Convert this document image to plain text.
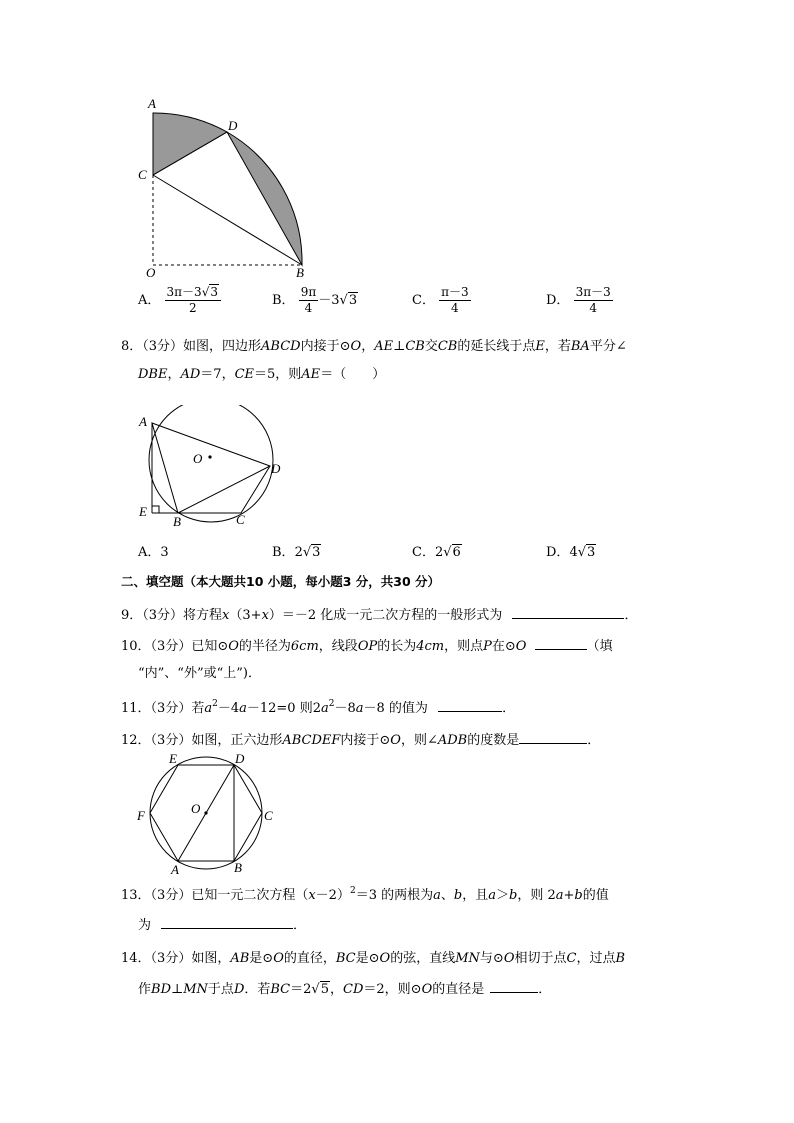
A
D
C
O	B
A． $\frac{3\pi-3√3}{2}$	B． $\frac{9\pi}{4} -3√3$	C． $\frac{\pi-3}{4}$	D． $\frac{3\pi-3}{4}$
8．（3分）如图，四边形ABCD内接于⊙O，AE⊥CB交CB的延长线于点E，若BA平分∠
DBE，AD＝7，CE＝5，则AE＝（　　）
A
O
D
E
B	C
A．3	B．2√3	C．2√6	D．4√3
二、填空题（本大题共10 小题，每小题3 分，共30 分）
9．（3分）将方程x（3+x）＝－2 化成一元二次方程的一般形式为	．
10．（3分）已知⊙O的半径为6cm，线段OP的长为4cm，则点P在⊙O	（填
“内”、“外”或“上”)．
11．（3分）若$a^2-4a-12=0$ 则$2a^2-8a-8$ 的值为	．
12．（3分）如图，正六边形ABCDEF内接于⊙O，则∠ADB的度数是	．
E	D
F	O	C
A	B
13．（3分）已知一元二次方程$(x-2)^2=3$ 的两根为a、b，且a＞b，则 2a+b的值
为	．
14．（3分）如图，AB是⊙O的直径，BC是⊙O的弦，直线MN与⊙O相切于点C，过点B
作BD⊥MN于点D．若BC＝2√5，CD＝2，则⊙O的直径是	．
